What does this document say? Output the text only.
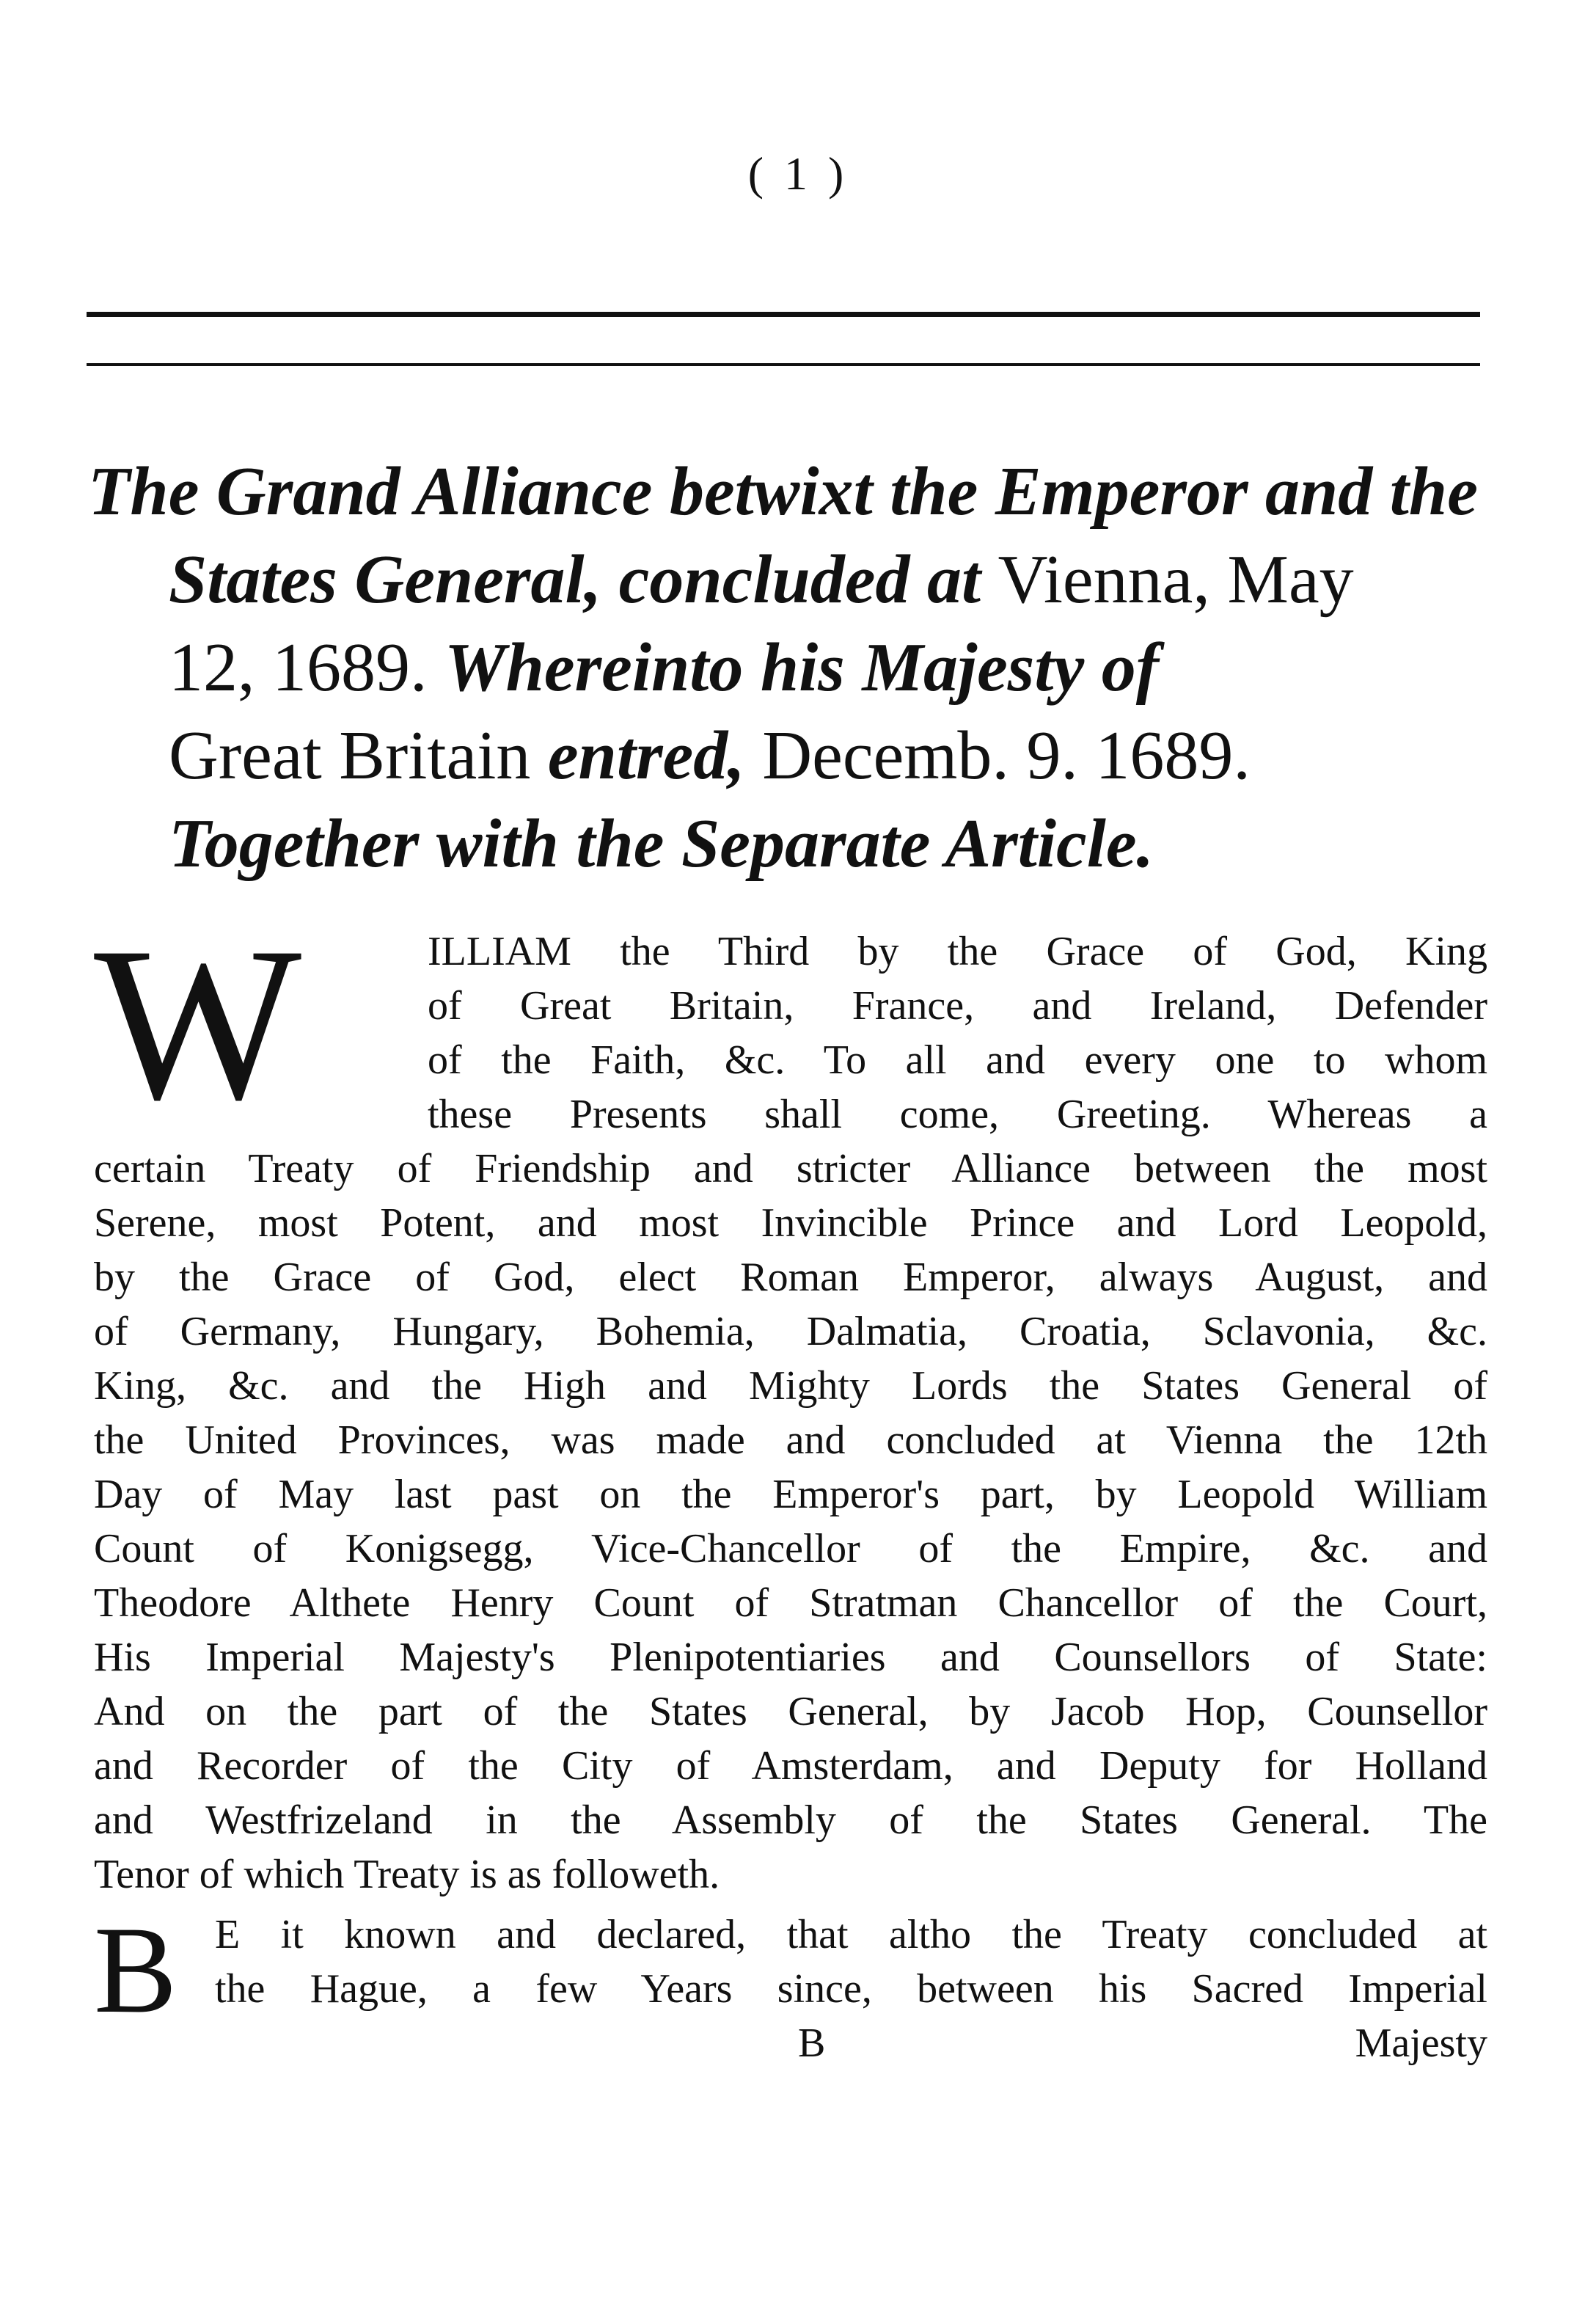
( 1 )
The Grand Alliance betwixt the Emperor and the
States General, concluded at Vienna, May
12, 1689. Whereinto his Majesty of
Great Britain entred, Decemb. 9. 1689.
Together with the Separate Article.
W	ILLIAM the Third by the Grace of God, King
of Great Britain, France, and Ireland, Defender
of the Faith, &c. To all and every one to whom
these Presents shall come, Greeting. Whereas a
certain Treaty of Friendship and stricter Alliance between the most
Serene, most Potent, and most Invincible Prince and Lord Leopold,
by the Grace of God, elect Roman Emperor, always August, and
of Germany, Hungary, Bohemia, Dalmatia, Croatia, Sclavonia, &c.
King, &c. and the High and Mighty Lords the States General of
the United Provinces, was made and concluded at Vienna the 12th
Day of May last past on the Emperor's part, by Leopold William
Count of Konigsegg, Vice-Chancellor of the Empire, &c. and
Theodore Althete Henry Count of Stratman Chancellor of the Court,
His Imperial Majesty's Plenipotentiaries and Counsellors of State:
And on the part of the States General, by Jacob Hop, Counsellor
and Recorder of the City of Amsterdam, and Deputy for Holland
and Westfrizeland in the Assembly of the States General. The
Tenor of which Treaty is as followeth.
B E it known and declared, that altho the Treaty concluded at
the Hague, a few Years since, between his Sacred Imperial
B	Majesty
